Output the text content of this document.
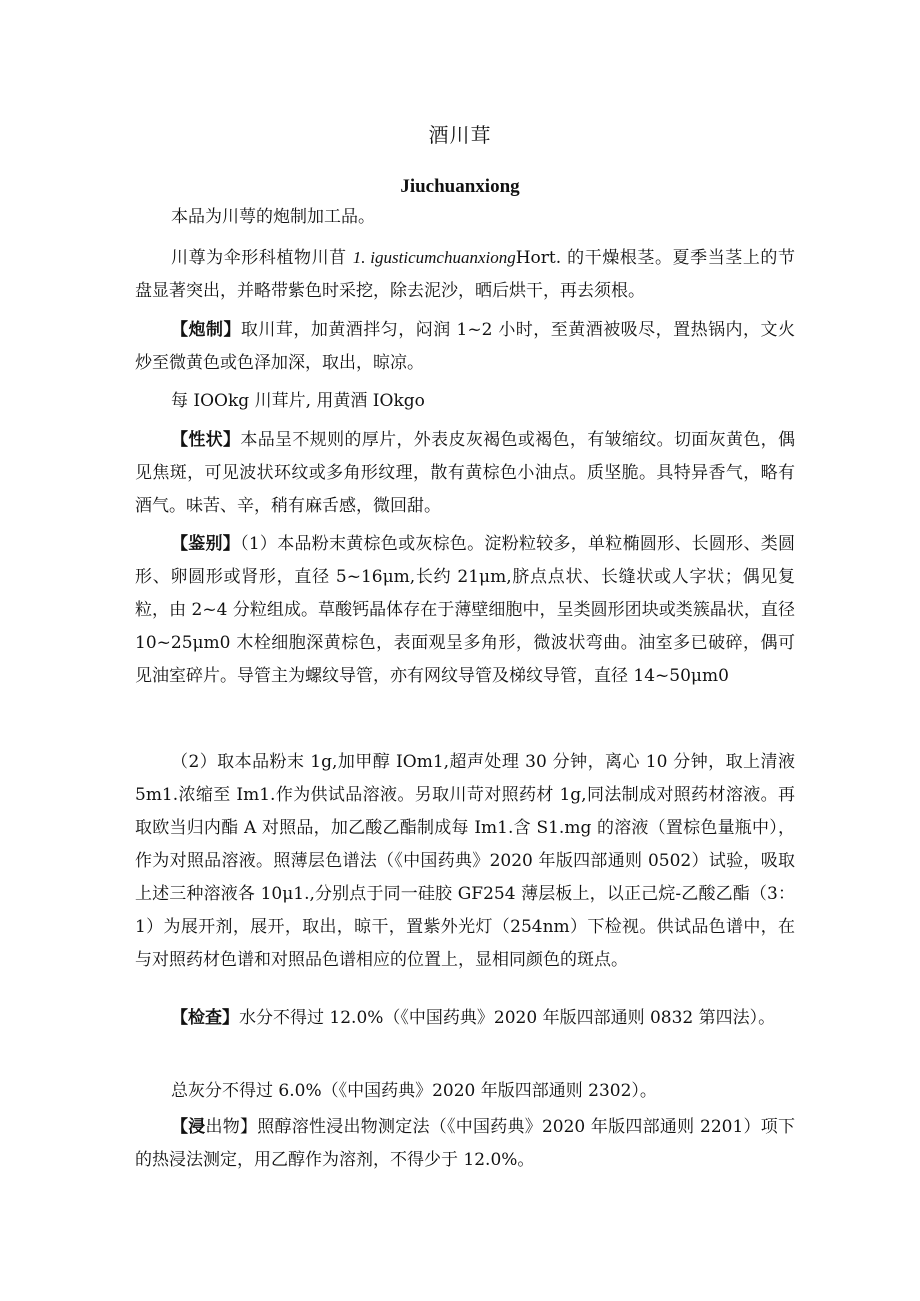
酒川茸
Jiuchuanxiong
本品为川萼的炮制加工品。
川尊为伞形科植物川苜 1. igusticumchuanxiongHort. 的干燥根茎。夏季当茎上的节盘显著突出，并略带紫色时采挖，除去泥沙，晒后烘干，再去须根。
【炮制】取川茸，加黄酒拌匀，闷润 1~2 小时，至黄酒被吸尽，置热锅内，文火炒至微黄色或色泽加深，取出，晾凉。
每 IOOkg 川茸片, 用黄酒 IOkgo
【性状】本品呈不规则的厚片，外表皮灰褐色或褐色，有皱缩纹。切面灰黄色，偶见焦斑，可见波状环纹或多角形纹理，散有黄棕色小油点。质坚脆。具特异香气，略有酒气。味苦、辛，稍有麻舌感，微回甜。
【鉴别】（1）本品粉末黄棕色或灰棕色。淀粉粒较多，单粒椭圆形、长圆形、类圆形、卵圆形或肾形，直径 5~16μm,长约 21μm,脐点点状、长缝状或人字状；偶见复粒，由 2~4 分粒组成。草酸钙晶体存在于薄壁细胞中，呈类圆形团块或类簇晶状，直径 10~25μm0 木栓细胞深黄棕色，表面观呈多角形，微波状弯曲。油室多已破碎，偶可见油室碎片。导管主为螺纹导管，亦有网纹导管及梯纹导管，直径 14~50μm0
（2）取本品粉末 1g,加甲醇 IOm1,超声处理 30 分钟，离心 10 分钟，取上清液 5m1.浓缩至 Im1.作为供试品溶液。另取川苛对照药材 1g,同法制成对照药材溶液。再取欧当归内酯 A 对照品，加乙酸乙酯制成每 Im1.含 S1.mg 的溶液（置棕色量瓶中），作为对照品溶液。照薄层色谱法（《中国药典》2020 年版四部通则 0502）试验，吸取上述三种溶液各 10μ1.,分别点于同一硅胶 GF254 薄层板上，以正己烷-乙酸乙酯（3：1）为展开剂，展开，取出，晾干，置紫外光灯（254nm）下检视。供试品色谱中，在与对照药材色谱和对照品色谱相应的位置上，显相同颜色的斑点。
【检查】水分不得过 12.0%（《中国药典》2020 年版四部通则 0832 第四法）。
总灰分不得过 6.0%（《中国药典》2020 年版四部通则 2302）。
【浸出物】照醇溶性浸出物测定法（《中国药典》2020 年版四部通则 2201）项下的热浸法测定，用乙醇作为溶剂，不得少于 12.0%。
